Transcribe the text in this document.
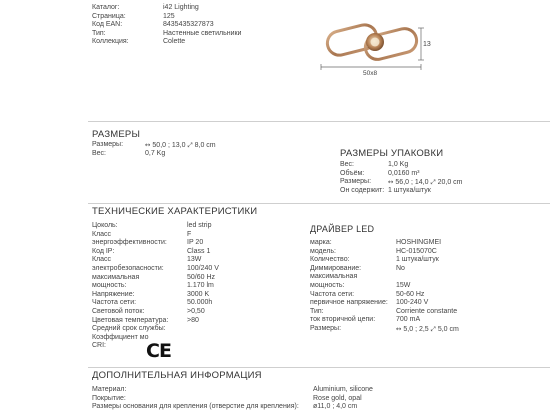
Каталог:
Страница:
Код EAN:
Тип:
Коллекция:
i42 Lighting
125
8435435327873
Настенные светильники
Colette	13
50x8
РАЗМЕРЫ
Размеры:
Вес:
↔ 50,0 ; 13,0 ⤢ 8,0 cm
0,7 Kg	РАЗМЕРЫ УПАКОВКИ
Вес:
Объём:
Размеры:
Он содержит:
1,0 Kg
0,0160 m³
↔ 56,0 ; 14,0 ⤢ 20,0 cm
1 штука/штук
ТЕХНИЧЕСКИЕ ХАРАКТЕРИСТИКИ
Цоколь:
Класс
энергоэффективности:
Код IP:
Класс
электробезопасности:
максимальная
мощность:
Напряжение:
Частота сети:
Световой поток:
Цветовая температура:
Средний срок службы:
Коэффициент мо
CRI:
led strip
F
IP 20
Class 1
13W
100/240 V
50/60 Hz
1.170 lm
3000 K
50.000h
>0,50
>80
CE
ДРАЙВЕР LED
марка:
модель:
Количество:
Диммирование:
максимальная
мощность:
Частота сети:
первичное напряжение:
Тип:
ток вторичной цепи:
Размеры:
HOSHINGMEI
HC-015070C
1 штука/штук
No
15W
50-60 Hz
100-240 V
Corriente constante
700 mA
↔ 5,0 ; 2,5 ⤢ 5,0 cm
ДОПОЛНИТЕЛЬНАЯ ИНФОРМАЦИЯ
Материал:
Покрытие:
Размеры основания для крепления (отверстие для крепления):
Aluminium, silicone
Rose gold, opal
ø11,0 ; 4,0 cm
